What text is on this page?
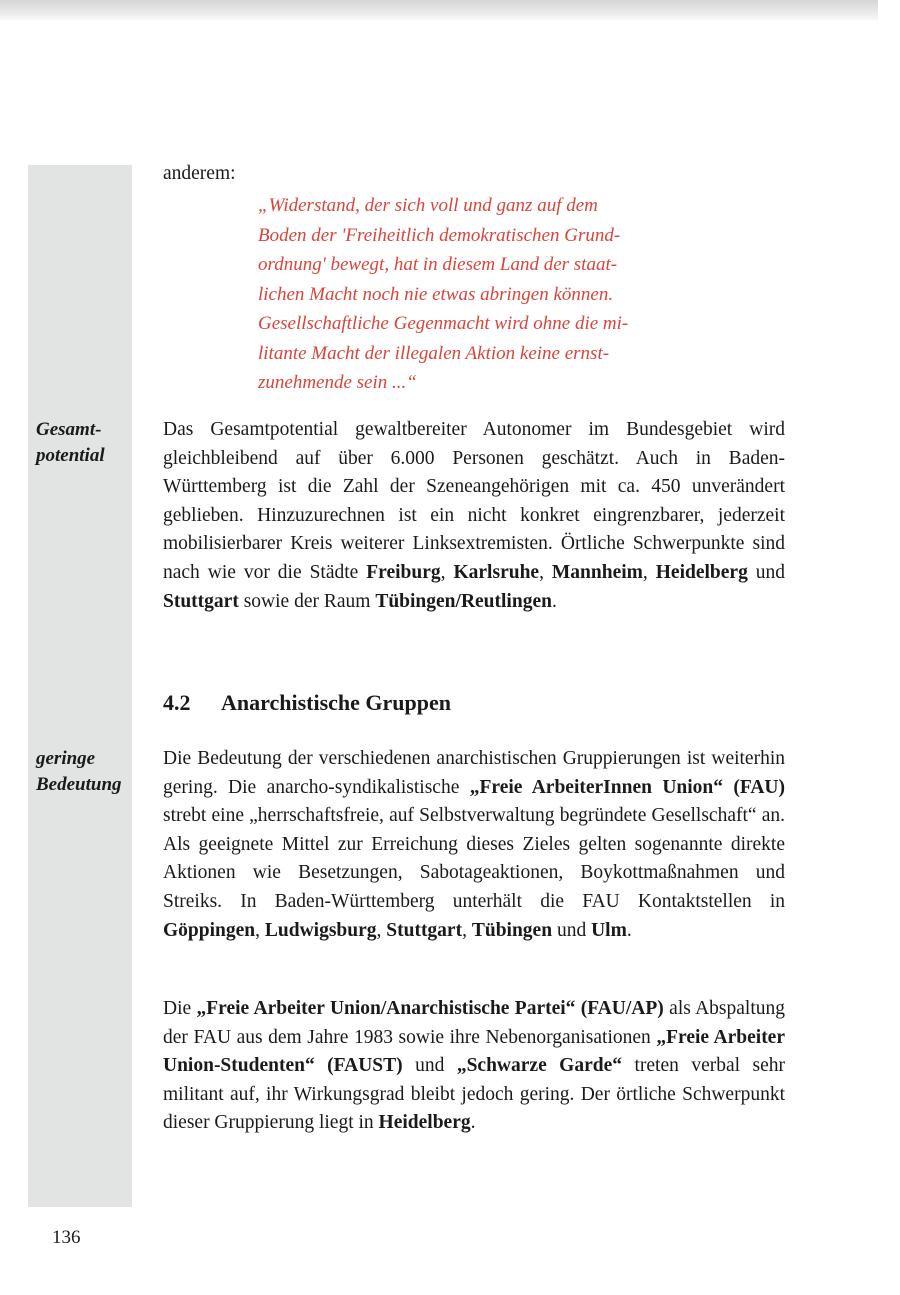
anderem:
„Widerstand, der sich voll und ganz auf dem
Boden der 'Freiheitlich demokratischen Grund-
ordnung' bewegt, hat in diesem Land der staat-
lichen Macht noch nie etwas abringen können.
Gesellschaftliche Gegenmacht wird ohne die mi-
litante Macht der illegalen Aktion keine ernst-
zunehmende sein ...“
Gesamt-
potential
Das Gesamtpotential gewaltbereiter Autonomer im Bundesgebiet wird gleichbleibend auf über 6.000 Personen geschätzt. Auch in Baden-Württemberg ist die Zahl der Szeneangehörigen mit ca. 450 unverändert geblieben. Hinzuzurechnen ist ein nicht konkret eingrenzbarer, jederzeit mobilisierbarer Kreis weiterer Linksextremisten. Örtliche Schwerpunkte sind nach wie vor die Städte Freiburg, Karlsruhe, Mannheim, Heidelberg und Stuttgart sowie der Raum Tübingen/Reutlingen.
4.2 Anarchistische Gruppen
geringe
Bedeutung
Die Bedeutung der verschiedenen anarchistischen Gruppierungen ist weiterhin gering. Die anarcho-syndikalistische „Freie ArbeiterInnen Union“ (FAU) strebt eine „herrschaftsfreie, auf Selbstverwaltung begründete Gesellschaft“ an. Als geeignete Mittel zur Erreichung dieses Zieles gelten sogenannte direkte Aktionen wie Besetzungen, Sabotageaktionen, Boykottmaßnahmen und Streiks. In Baden-Württemberg unterhält die FAU Kontaktstellen in Göppingen, Ludwigsburg, Stuttgart, Tübingen und Ulm.
Die „Freie Arbeiter Union/Anarchistische Partei“ (FAU/AP) als Abspaltung der FAU aus dem Jahre 1983 sowie ihre Nebenorganisationen „Freie Arbeiter Union-Studenten“ (FAUST) und „Schwarze Garde“ treten verbal sehr militant auf, ihr Wirkungsgrad bleibt jedoch gering. Der örtliche Schwerpunkt dieser Gruppierung liegt in Heidelberg.
136
